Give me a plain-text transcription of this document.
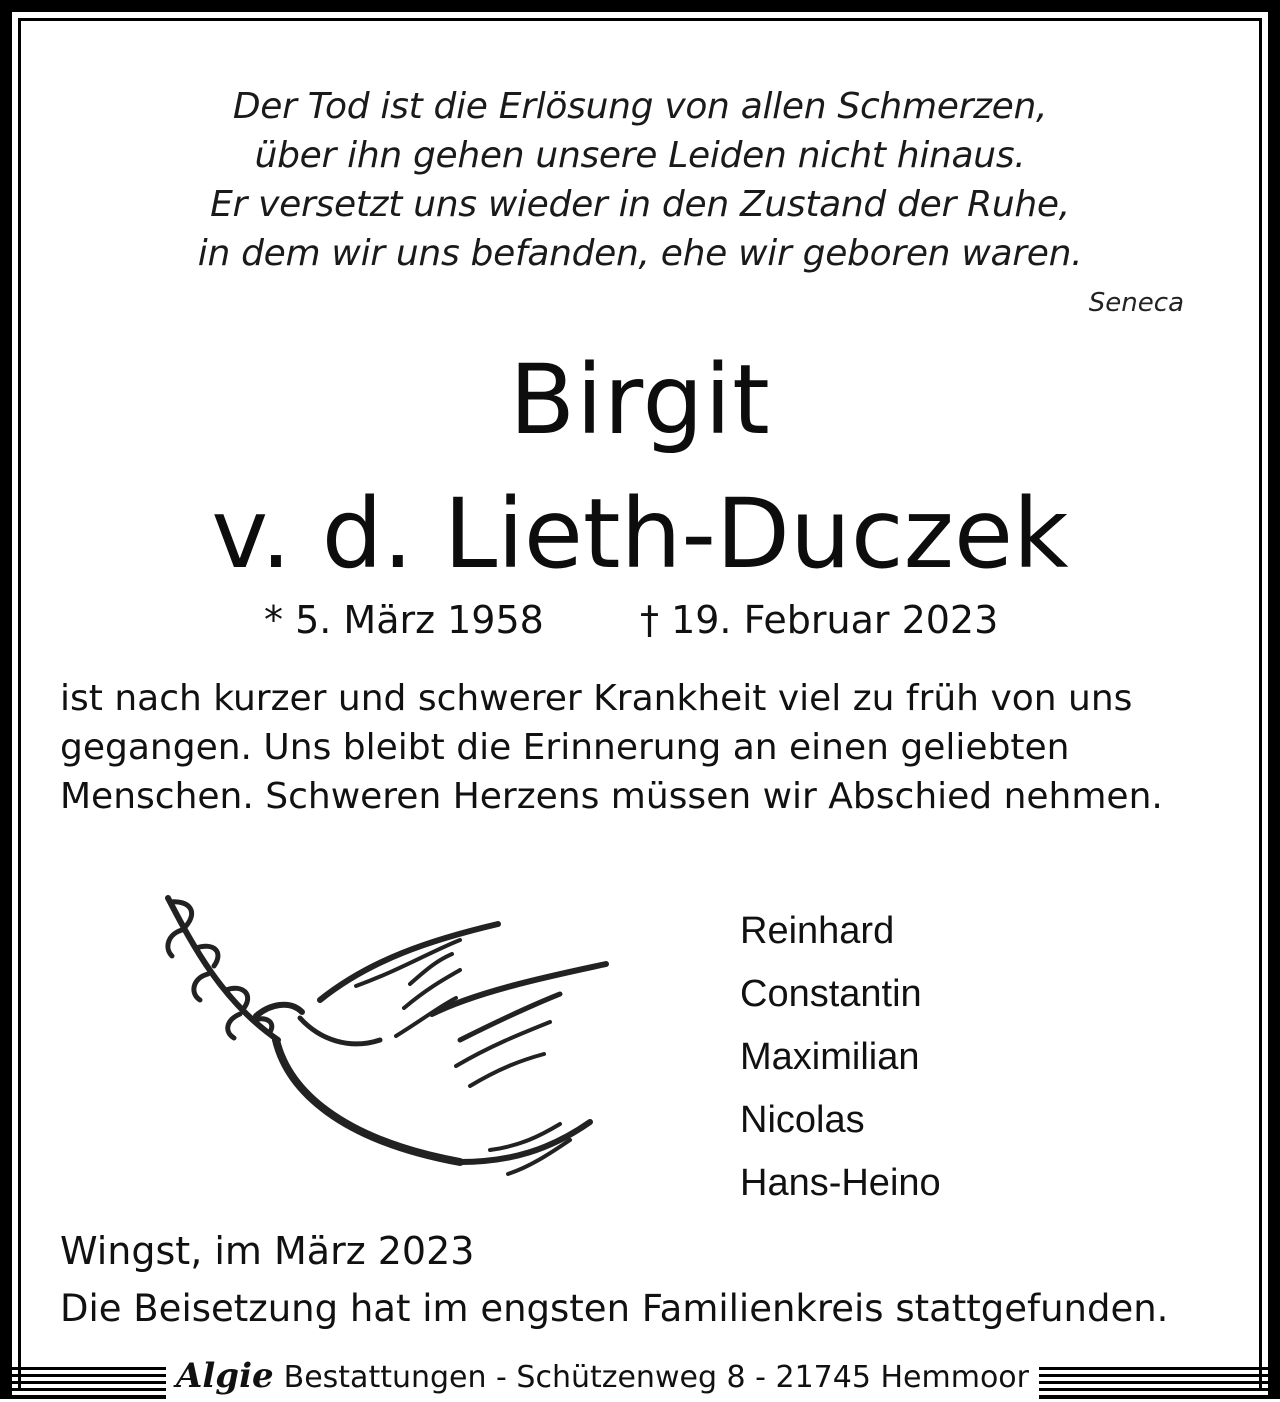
Der Tod ist die Erlösung von allen Schmerzen,
über ihn gehen unsere Leiden nicht hinaus.
Er versetzt uns wieder in den Zustand der Ruhe,
in dem wir uns befanden, ehe wir geboren waren.
Seneca
Birgit
v. d. Lieth-Duczek
* 5. März 1958	† 19. Februar 2023
ist nach kurzer und schwerer Krankheit viel zu früh von uns gegangen. Uns bleibt die Erinnerung an einen geliebten Menschen. Schweren Herzens müssen wir Abschied nehmen.
Reinhard
Constantin
Maximilian
Nicolas
Hans-Heino
Wingst, im März 2023
Die Beisetzung hat im engsten Familienkreis stattgefunden.
Algie Bestattungen - Schützenweg 8 - 21745 Hemmoor
